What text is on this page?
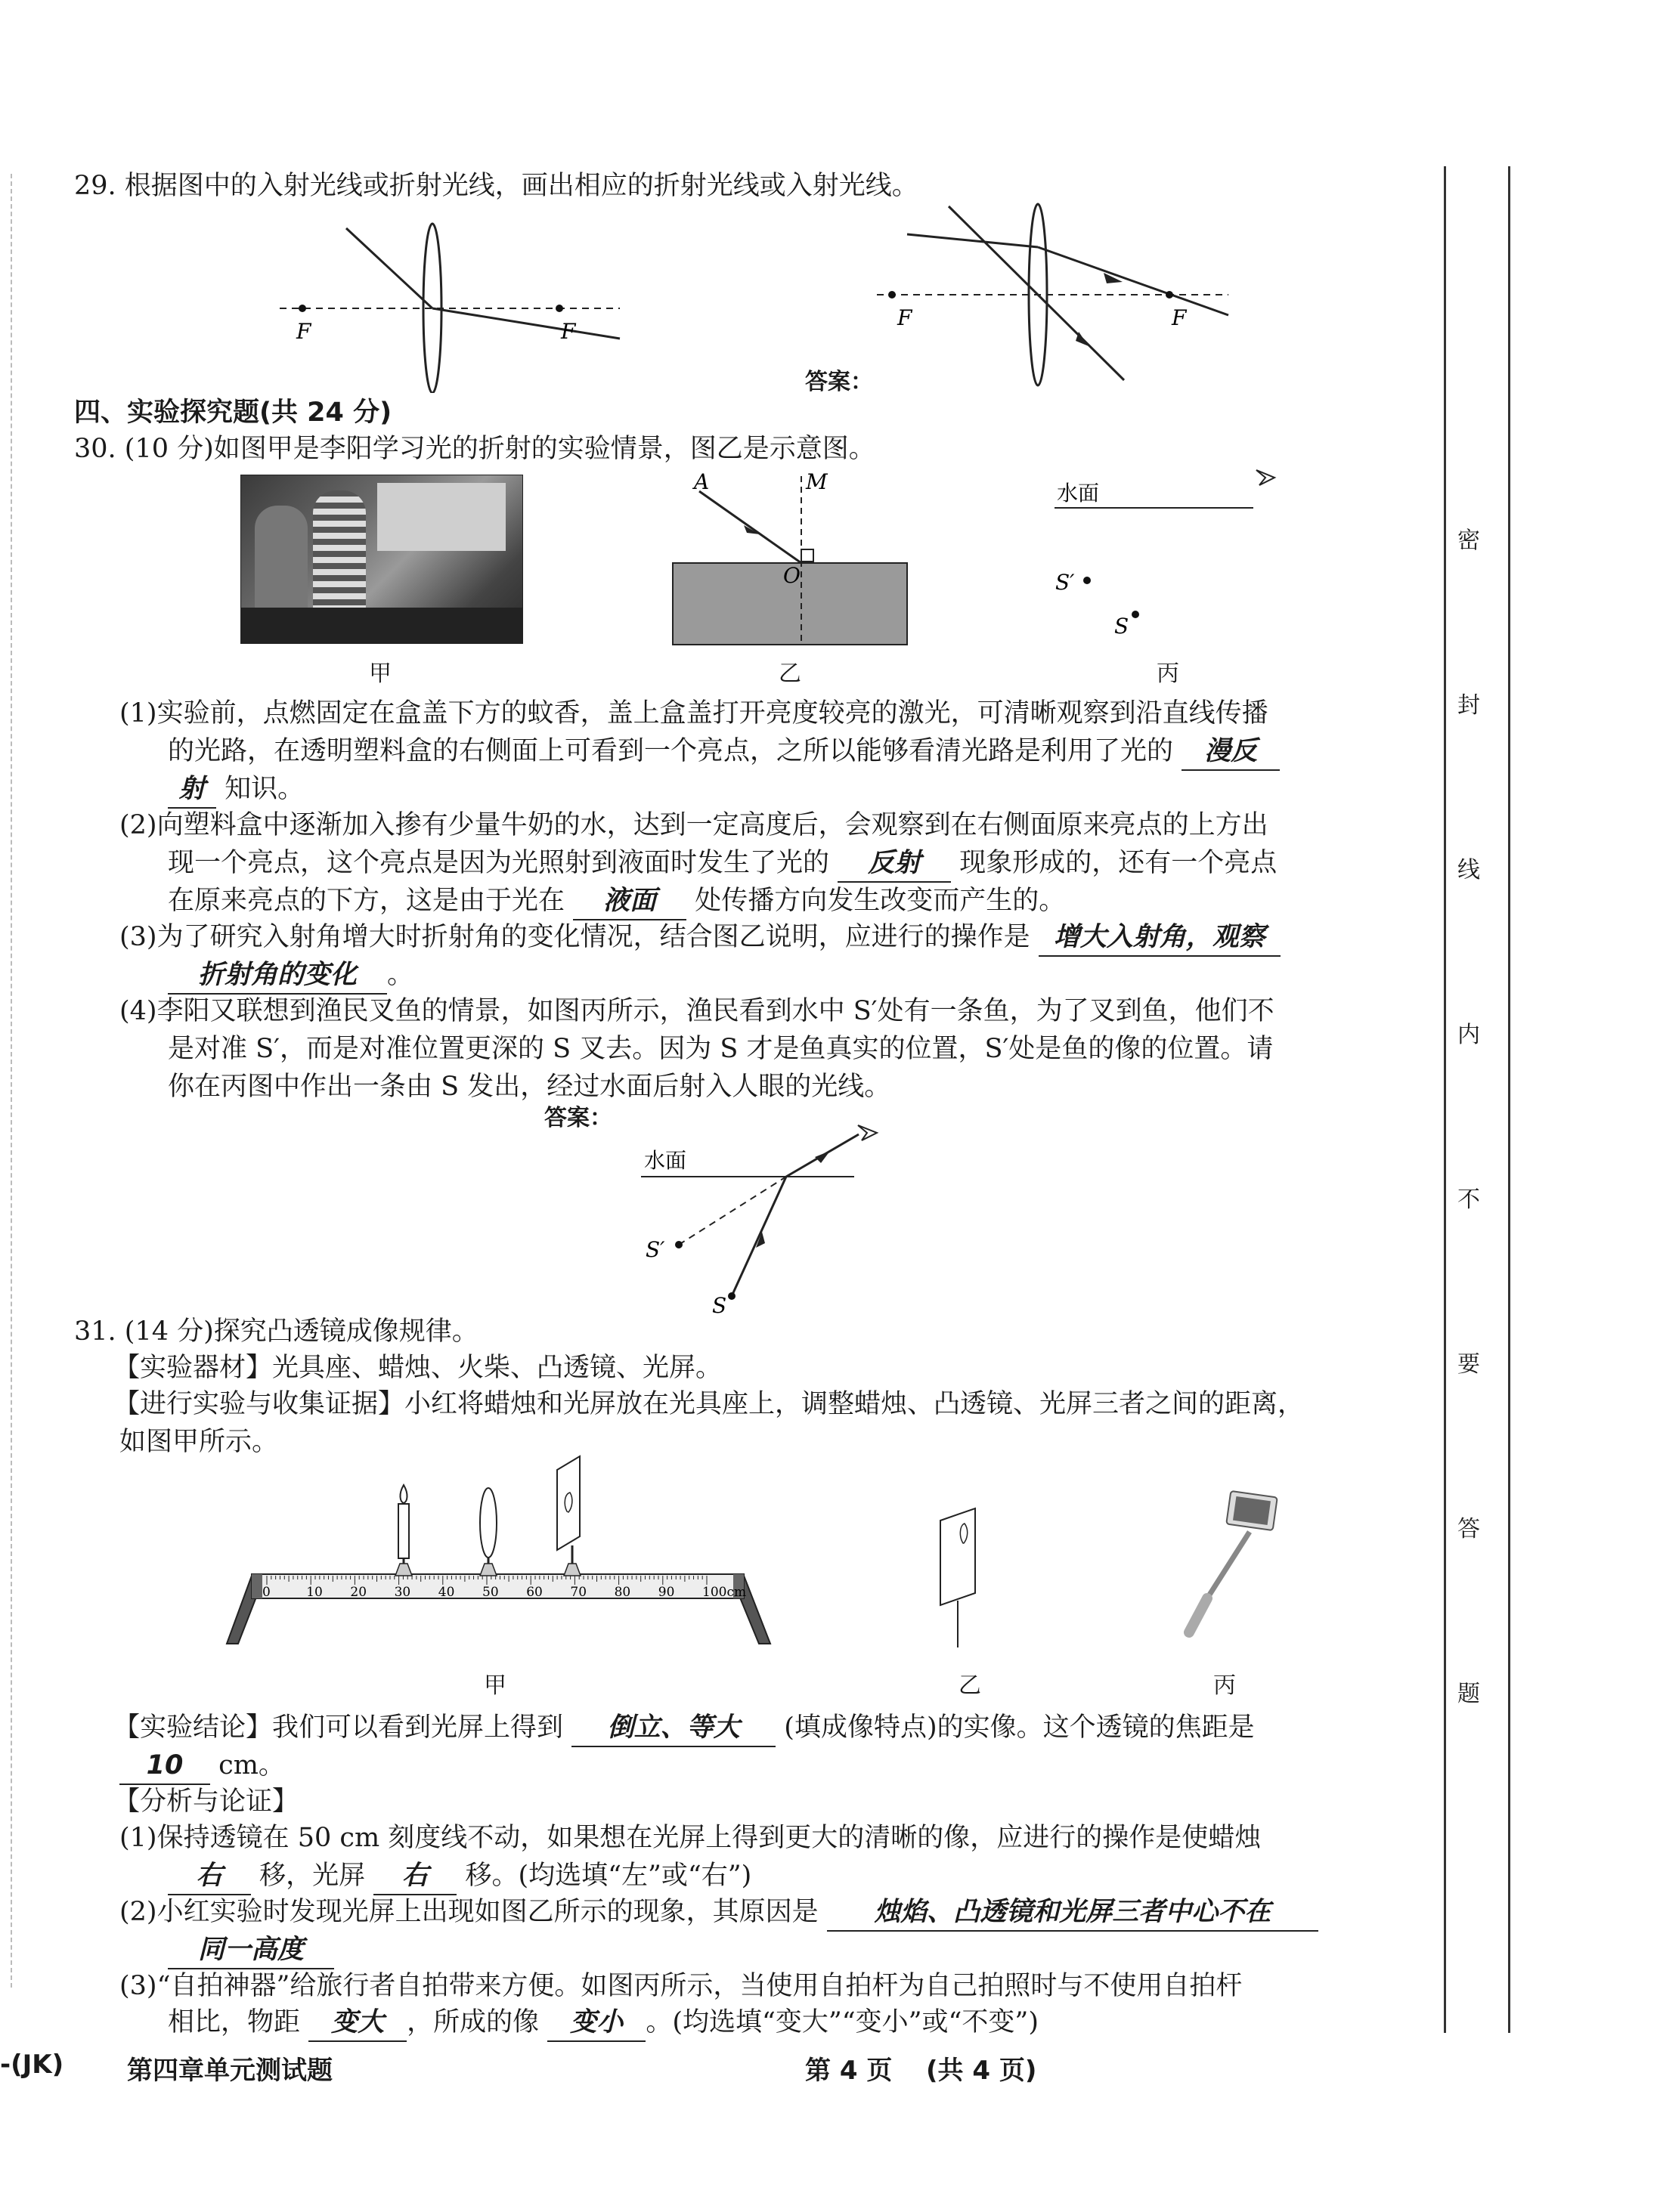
密
封
线
内
不
要
答
题
29. 根据图中的入射光线或折射光线，画出相应的折射光线或入射光线。
F	F
F	F
答案：
四、实验探究题(共 24 分)
30. (10 分)如图甲是李阳学习光的折射的实验情景，图乙是示意图。
甲
A	M
O
乙
水面
S′
S
丙
(1)实验前，点燃固定在盒盖下方的蚊香，盖上盒盖打开亮度较亮的激光，可清晰观察到沿直线传播
的光路，在透明塑料盒的右侧面上可看到一个亮点，之所以能够看清光路是利用了光的 漫反
射 知识。
(2)向塑料盒中逐渐加入掺有少量牛奶的水，达到一定高度后，会观察到在右侧面原来亮点的上方出
现一个亮点，这个亮点是因为光照射到液面时发生了光的 反射 现象形成的，还有一个亮点
在原来亮点的下方，这是由于光在 液面 处传播方向发生改变而产生的。
(3)为了研究入射角增大时折射角的变化情况，结合图乙说明，应进行的操作是 增大入射角，观察
折射角的变化 。
(4)李阳又联想到渔民叉鱼的情景，如图丙所示，渔民看到水中 S′处有一条鱼，为了叉到鱼，他们不
是对准 S′，而是对准位置更深的 S 叉去。因为 S 才是鱼真实的位置，S′处是鱼的像的位置。请
你在丙图中作出一条由 S 发出，经过水面后射入人眼的光线。
答案：
水面
S′
S
31. (14 分)探究凸透镜成像规律。
【实验器材】光具座、蜡烛、火柴、凸透镜、光屏。
【进行实验与收集证据】小红将蜡烛和光屏放在光具座上，调整蜡烛、凸透镜、光屏三者之间的距离，
如图甲所示。
0	10 20 30 40 50 60 70 80 90 100cm
甲	乙	丙
【实验结论】我们可以看到光屏上得到 倒立、等大 (填成像特点)的实像。这个透镜的焦距是
10 cm。
【分析与论证】
(1)保持透镜在 50 cm 刻度线不动，如果想在光屏上得到更大的清晰的像，应进行的操作是使蜡烛
右 移，光屏 右 移。(均选填“左”或“右”)
(2)小红实验时发现光屏上出现如图乙所示的现象，其原因是 烛焰、凸透镜和光屏三者中心不在
同一高度
(3)“自拍神器”给旅行者自拍带来方便。如图丙所示，当使用自拍杆为自己拍照时与不使用自拍杆
相比，物距 变大 ，所成的像 变小 。(均选填“变大”“变小”或“不变”)
-(JK) 第四章单元测试题	第 4 页 (共 4 页)
